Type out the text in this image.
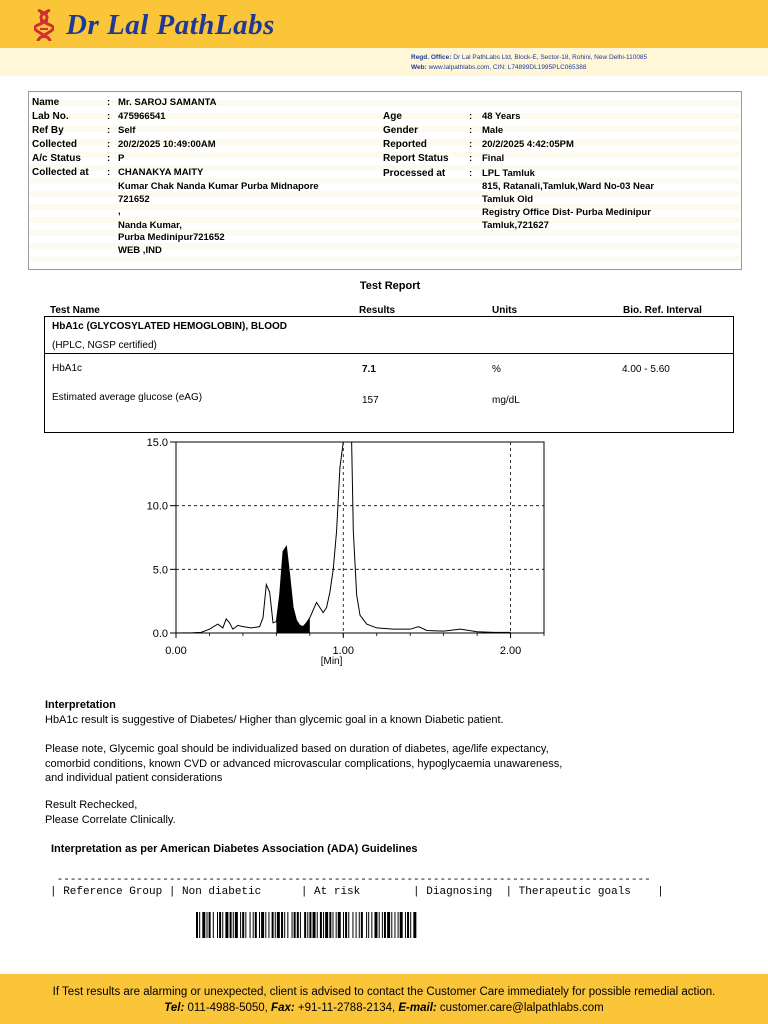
Dr Lal PathLabs
Regd. Office: Dr Lal PathLabs Ltd, Block-E, Sector-18, Rohini, New Delhi-110085
Web: www.lalpathlabs.com, CIN: L74899DL1995PLC065388
Name	: Mr. SAROJ SAMANTA
Lab No.	: 475966541
Ref By	: Self
Collected	: 20/2/2025 10:49:00AM
A/c Status	: P
Collected at : CHANAKYA MAITY
Kumar Chak Nanda Kumar Purba Midnapore
721652
,
Nanda Kumar,
Purba Medinipur721652
WEB ,IND
Age	: 48 Years
Gender	: Male
Reported	: 20/2/2025 4:42:05PM
Report Status : Final
Processed at : LPL Tamluk
815, Ratanali,Tamluk,Ward No-03 Near
Tamluk Old
Registry Office Dist- Purba Medinipur
Tamluk,721627
Test Report
Test Name	Results	Units	Bio. Ref. Interval
HbA1c (GLYCOSYLATED HEMOGLOBIN), BLOOD
(HPLC, NGSP certified)
HbA1c	7.1	%	4.00 - 5.60
Estimated average glucose (eAG)	157	mg/dL
0.0
5.0
10.0
15.0
0.00	1.00	2.00
[Min]
Interpretation
HbA1c result is suggestive of Diabetes/ Higher than glycemic goal in a known Diabetic patient.
Please note, Glycemic goal should be individualized based on duration of diabetes, age/life expectancy,
comorbid conditions, known CVD or advanced microvascular complications, hypoglycaemia unawareness,
and individual patient considerations
Result Rechecked,
Please Correlate Clinically.
Interpretation as per American Diabetes Association (ADA) Guidelines
------------------------------------------------------------------------------------------
| Reference Group | Non diabetic      | At risk        | Diagnosing  | Therapeutic goals    |
If Test results are alarming or unexpected, client is advised to contact the Customer Care immediately for possible remedial action.
Tel: 011-4988-5050, Fax: +91-11-2788-2134, E-mail: customer.care@lalpathlabs.com
